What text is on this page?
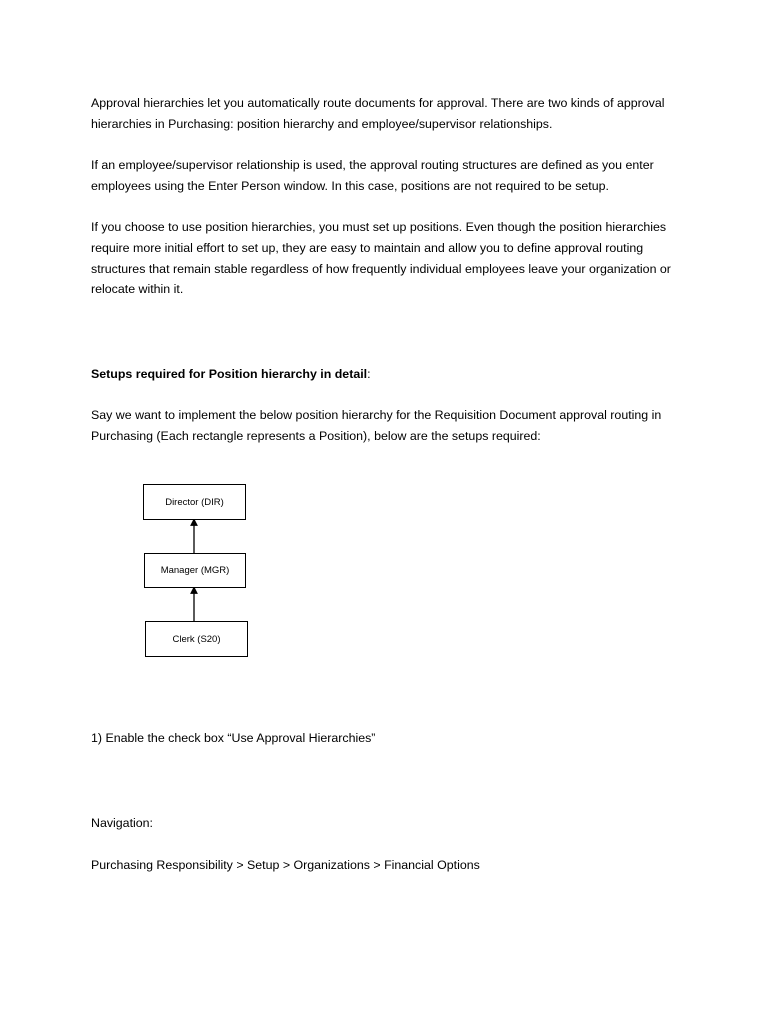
Approval hierarchies let you automatically route documents for approval. There are two kinds of approval hierarchies in Purchasing: position hierarchy and employee/supervisor relationships.

If an employee/supervisor relationship is used, the approval routing structures are defined as you enter employees using the Enter Person window. In this case, positions are not required to be setup.

If you choose to use position hierarchies, you must set up positions. Even though the position hierarchies require more initial effort to set up, they are easy to maintain and allow you to define approval routing structures that remain stable regardless of how frequently individual employees leave your organization or relocate within it.

Setups required for Position hierarchy in detail:

Say we want to implement the below position hierarchy for the Requisition Document approval routing in Purchasing (Each rectangle represents a Position), below are the setups required:

Director (DIR)
Manager (MGR)
Clerk (S20)

1) Enable the check box “Use Approval Hierarchies”

Navigation:

Purchasing Responsibility > Setup > Organizations > Financial Options
